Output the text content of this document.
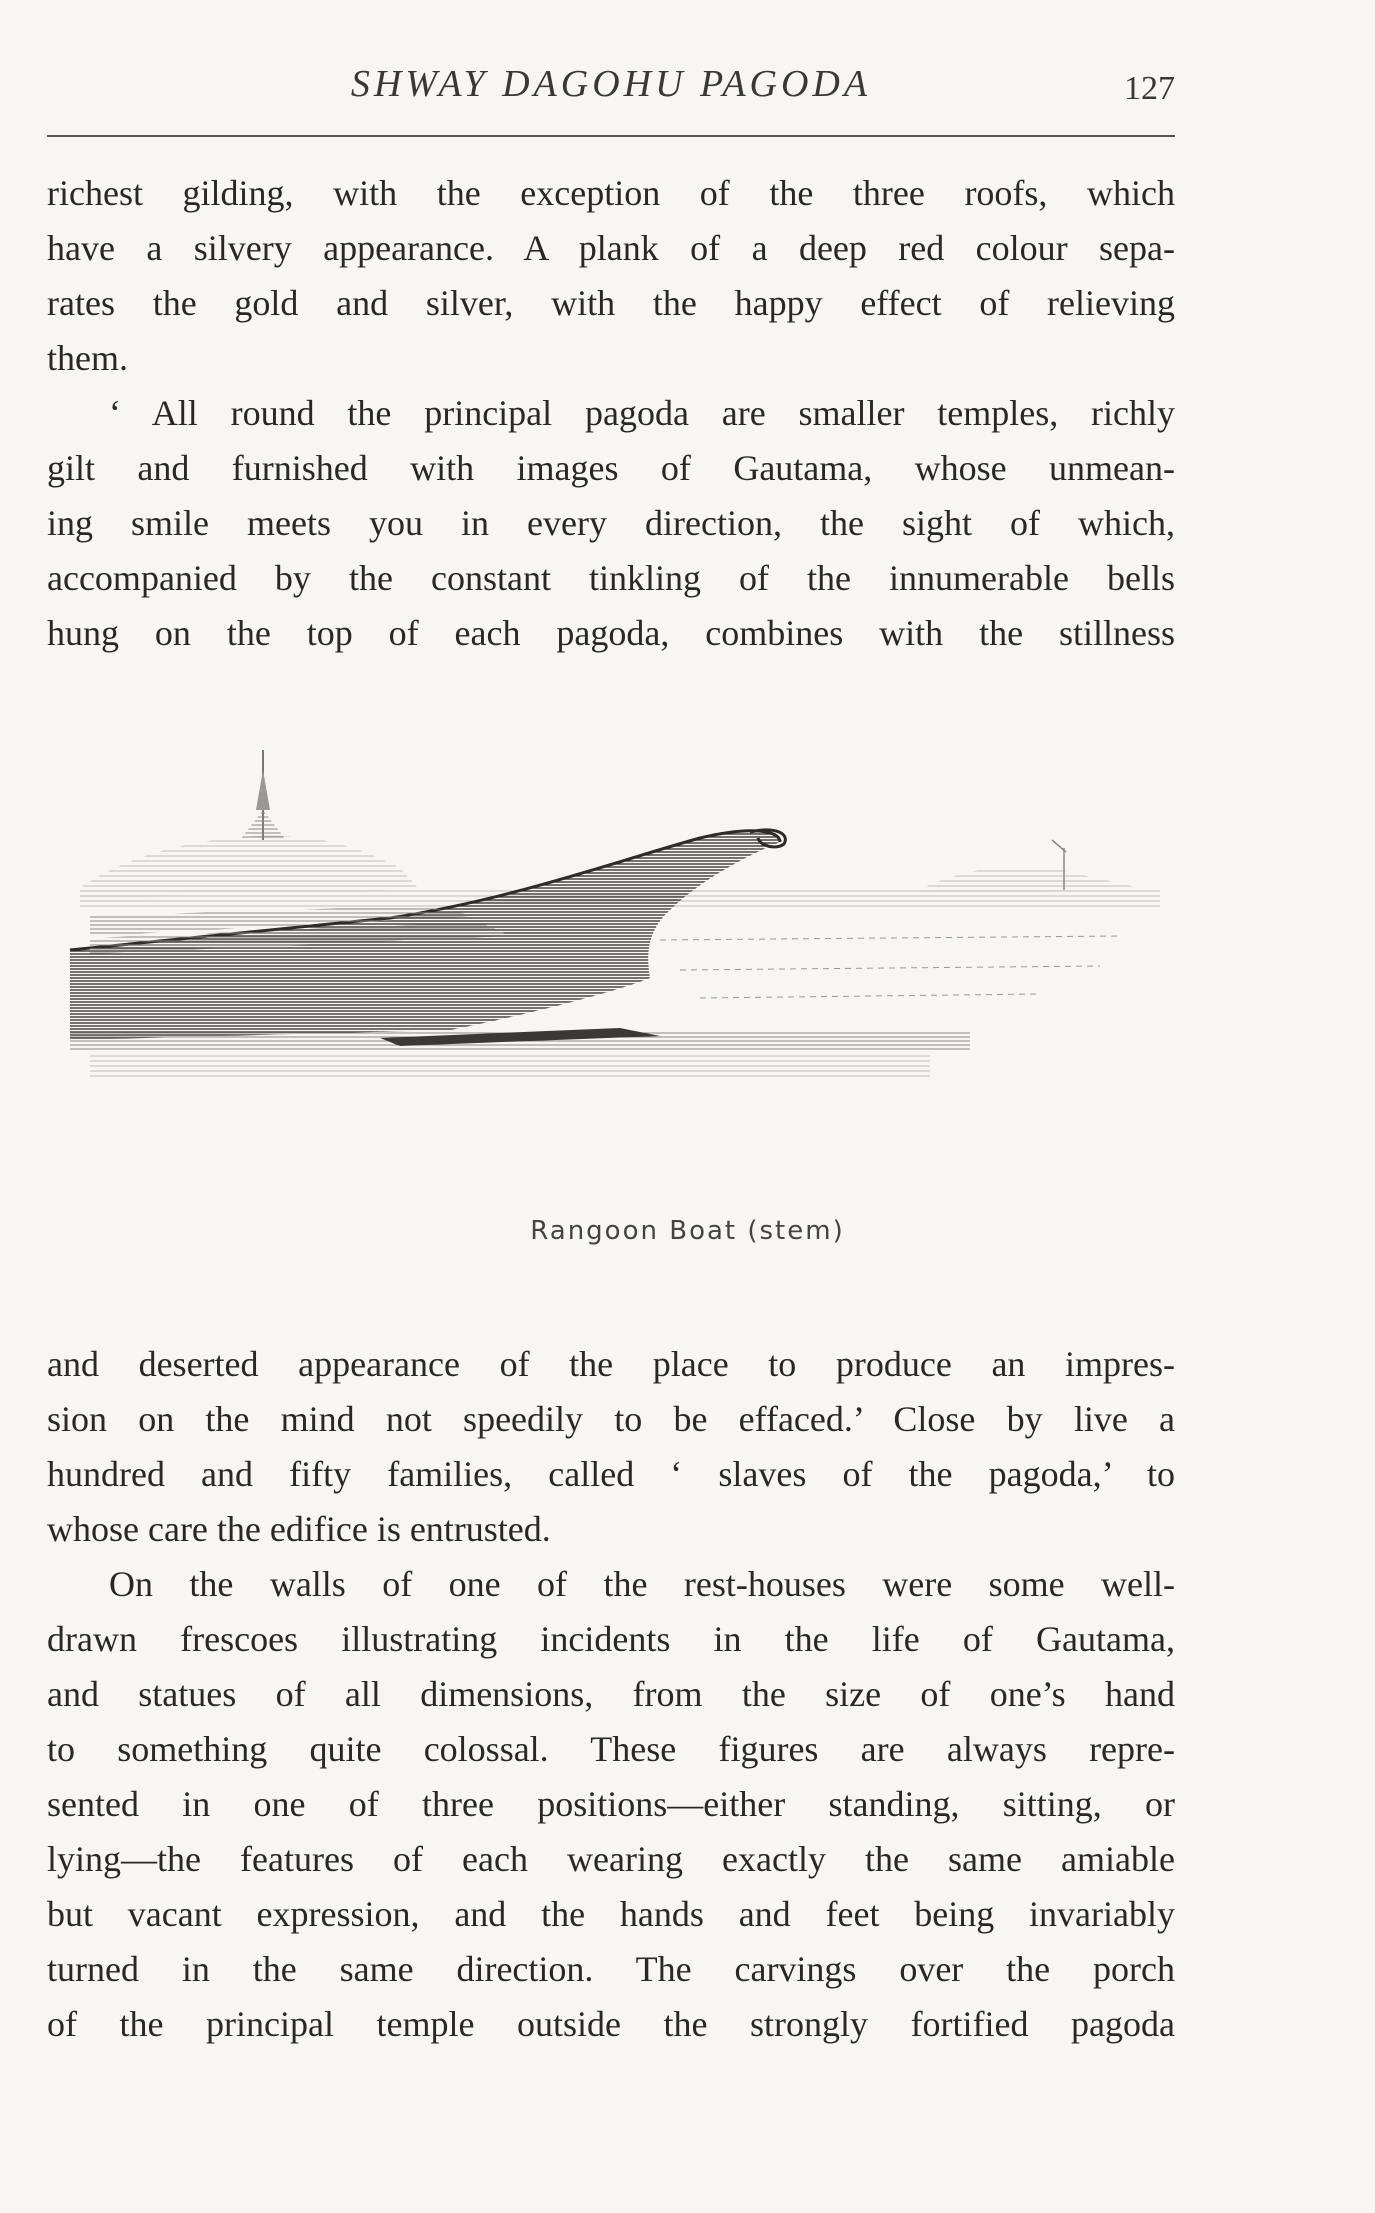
SHWAY DAGOHU PAGODA	127
richest gilding, with the exception of the three roofs, which
have a silvery appearance. A plank of a deep red colour sepa-
rates the gold and silver, with the happy effect of relieving
them.
‘ All round the principal pagoda are smaller temples, richly
gilt and furnished with images of Gautama, whose unmean-
ing smile meets you in every direction, the sight of which,
accompanied by the constant tinkling of the innumerable bells
hung on the top of each pagoda, combines with the stillness
Rangoon Boat (stem)
and deserted appearance of the place to produce an impres-
sion on the mind not speedily to be effaced.’ Close by live a
hundred and fifty families, called ‘ slaves of the pagoda,’ to
whose care the edifice is entrusted.
On the walls of one of the rest-houses were some well-
drawn frescoes illustrating incidents in the life of Gautama,
and statues of all dimensions, from the size of one’s hand
to something quite colossal. These figures are always repre-
sented in one of three positions—either standing, sitting, or
lying—the features of each wearing exactly the same amiable
but vacant expression, and the hands and feet being invariably
turned in the same direction. The carvings over the porch
of the principal temple outside the strongly fortified pagoda
